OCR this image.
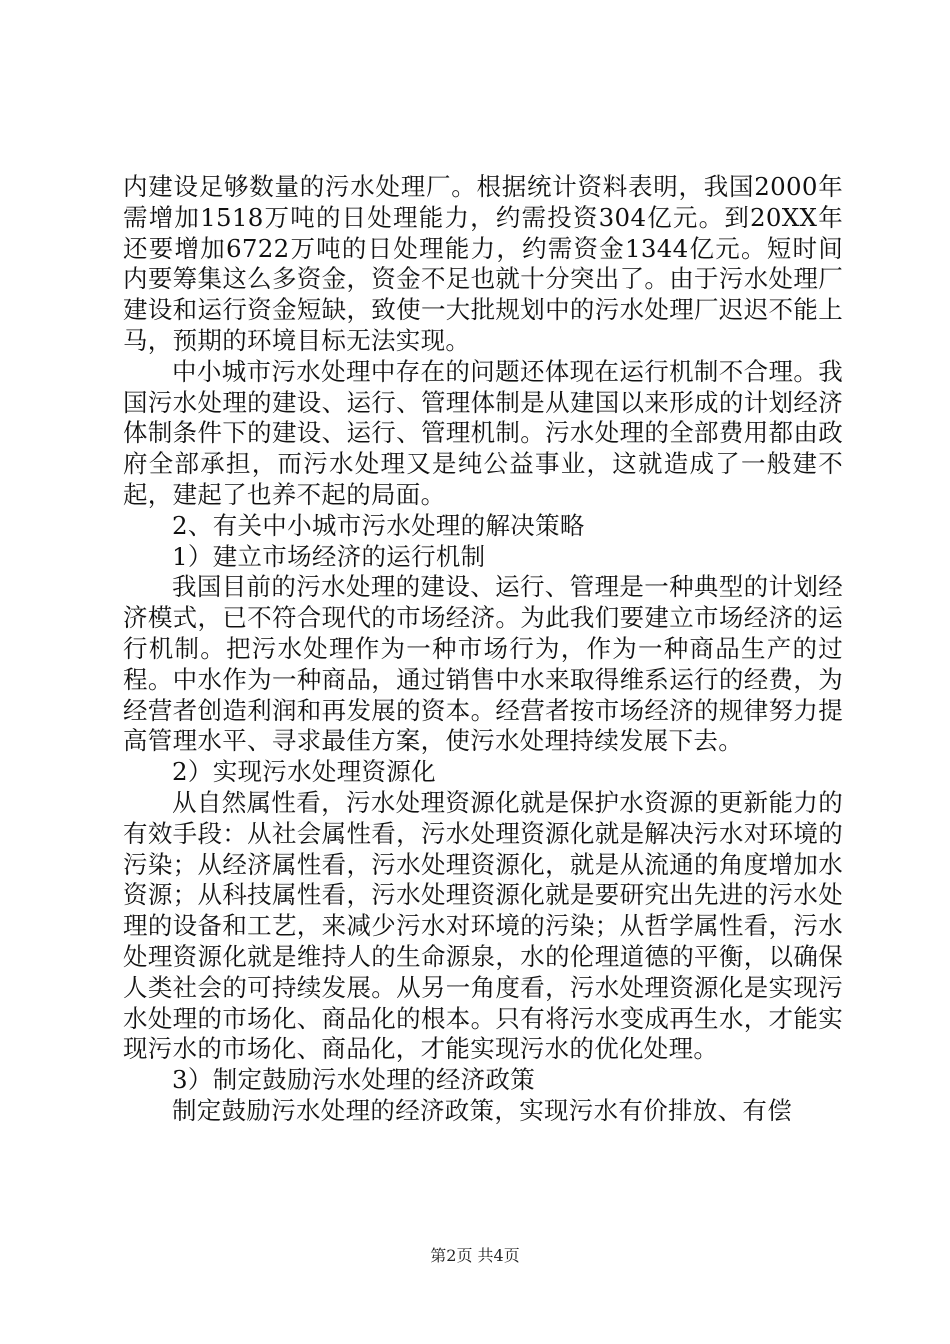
内建设足够数量的污水处理厂。根据统计资料表明，我国2000年需增加1518万吨的日处理能力，约需投资304亿元。到20XX年还要增加6722万吨的日处理能力，约需资金1344亿元。短时间内要筹集这么多资金，资金不足也就十分突出了。由于污水处理厂建设和运行资金短缺，致使一大批规划中的污水处理厂迟迟不能上马，预期的环境目标无法实现。

中小城市污水处理中存在的问题还体现在运行机制不合理。我国污水处理的建设、运行、管理体制是从建国以来形成的计划经济体制条件下的建设、运行、管理机制。污水处理的全部费用都由政府全部承担，而污水处理又是纯公益事业，这就造成了一般建不起，建起了也养不起的局面。

2、有关中小城市污水处理的解决策略

1）建立市场经济的运行机制

我国目前的污水处理的建设、运行、管理是一种典型的计划经济模式，已不符合现代的市场经济。为此我们要建立市场经济的运行机制。把污水处理作为一种市场行为，作为一种商品生产的过程。中水作为一种商品，通过销售中水来取得维系运行的经费，为经营者创造利润和再发展的资本。经营者按市场经济的规律努力提高管理水平、寻求最佳方案，使污水处理持续发展下去。

2）实现污水处理资源化

从自然属性看，污水处理资源化就是保护水资源的更新能力的有效手段：从社会属性看，污水处理资源化就是解决污水对环境的污染；从经济属性看，污水处理资源化，就是从流通的角度增加水资源；从科技属性看，污水处理资源化就是要研究出先进的污水处理的设备和工艺，来减少污水对环境的污染；从哲学属性看，污水处理资源化就是维持人的生命源泉，水的伦理道德的平衡，以确保人类社会的可持续发展。从另一角度看，污水处理资源化是实现污水处理的市场化、商品化的根本。只有将污水变成再生水，才能实现污水的市场化、商品化，才能实现污水的优化处理。

3）制定鼓励污水处理的经济政策

制定鼓励污水处理的经济政策，实现污水有价排放、有偿

第2页 共4页
